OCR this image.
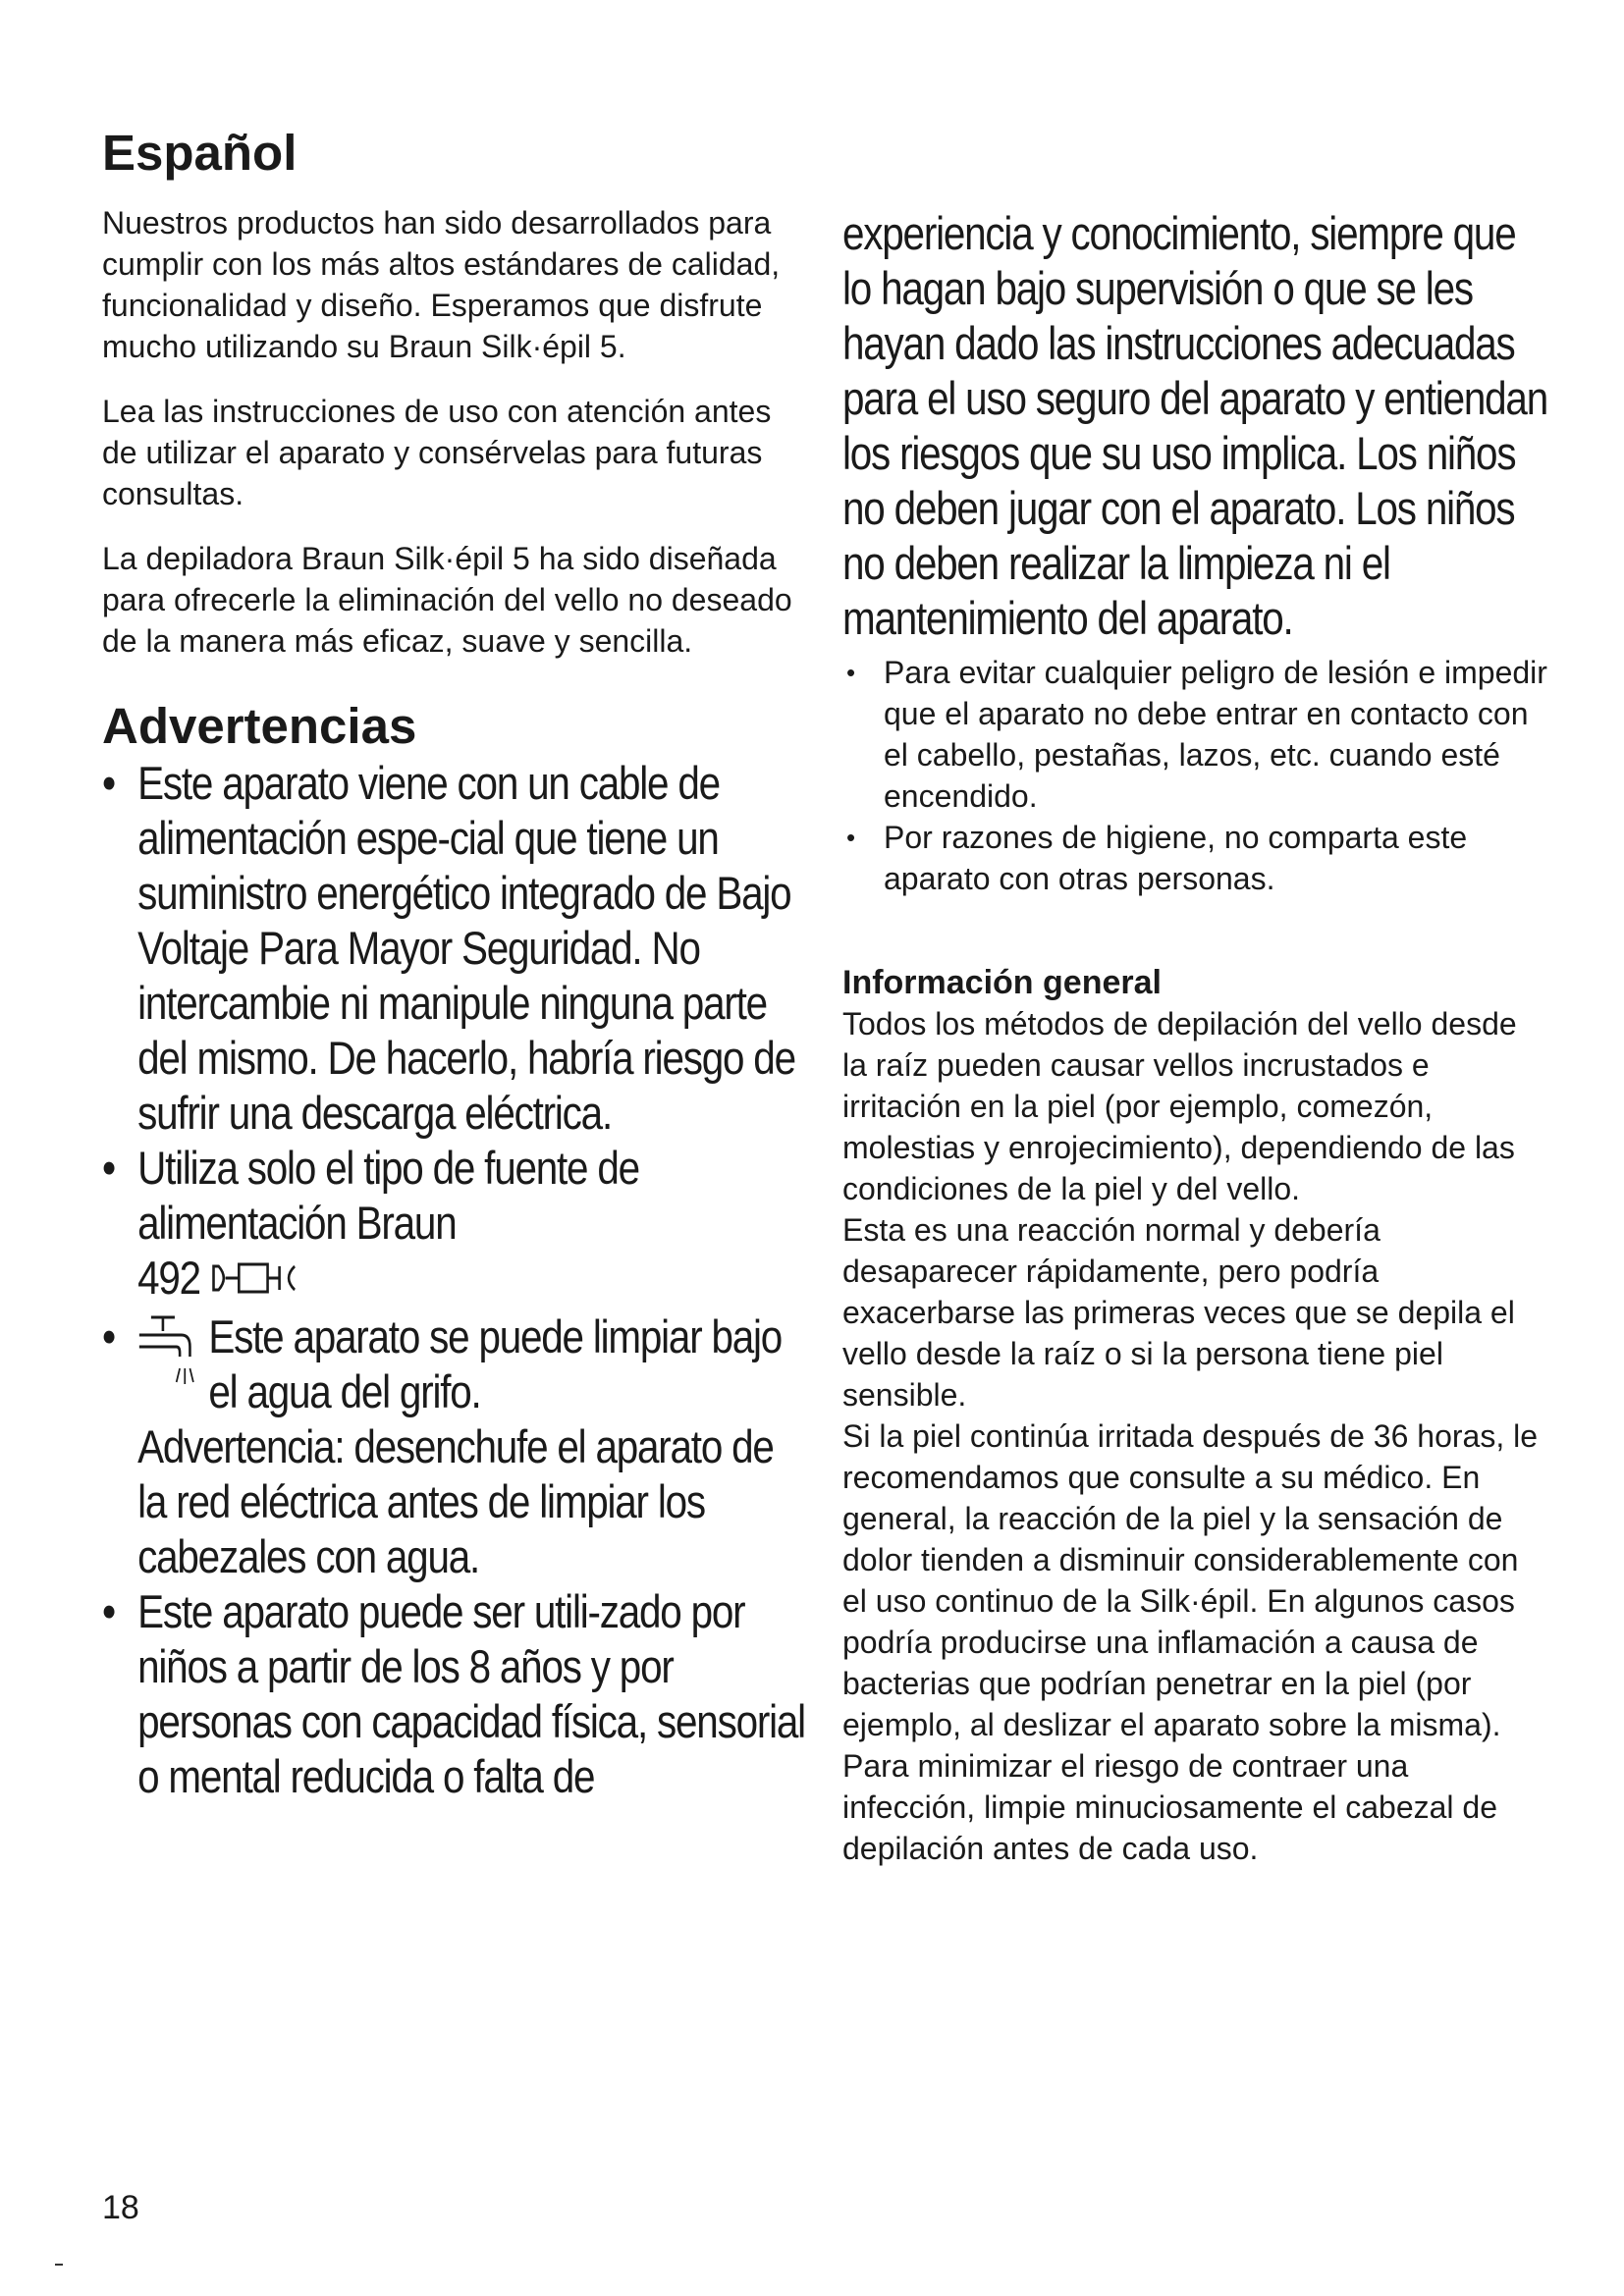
Español

Nuestros productos han sido desarrollados para cumplir con los más altos estándares de calidad, funcionalidad y diseño. Esperamos que disfrute mucho utilizando su Braun Silk·épil 5.

Lea las instrucciones de uso con atención antes de utilizar el aparato y consérvelas para futuras consultas.

La depiladora Braun Silk·épil 5 ha sido diseñada para ofrecerle la eliminación del vello no deseado de la manera más eficaz, suave y sencilla.

Advertencias
• Este aparato viene con un cable de alimentación espe-cial que tiene un suministro energético integrado de Bajo Voltaje Para Mayor Seguridad. No intercambie ni manipule ninguna parte del mismo. De hacerlo, habría riesgo de sufrir una descarga eléctrica.
• Utiliza solo el tipo de fuente de alimentación Braun
492
• Este aparato se puede limpiar bajo el agua del grifo.
Advertencia: desenchufe el aparato de la red eléctrica antes de limpiar los cabezales con agua.
• Este aparato puede ser utili-zado por niños a partir de los 8 años y por personas con capacidad física, sensorial o mental reducida o falta de
experiencia y conocimiento, siempre que lo hagan bajo supervisión o que se les hayan dado las instrucciones adecuadas para el uso seguro del aparato y entiendan los riesgos que su uso implica. Los niños no deben jugar con el aparato. Los niños no deben realizar la limpieza ni el mantenimiento del aparato.
• Para evitar cualquier peligro de lesión e impedir que el aparato no debe entrar en contacto con el cabello, pestañas, lazos, etc. cuando esté encendido.
• Por razones de higiene, no comparta este aparato con otras personas.
Información general
Todos los métodos de depilación del vello desde la raíz pueden causar vellos incrustados e irritación en la piel (por ejemplo, comezón, molestias y enrojecimiento), dependiendo de las condiciones de la piel y del vello.
Esta es una reacción normal y debería desaparecer rápidamente, pero podría exacerbarse las primeras veces que se depila el vello desde la raíz o si la persona tiene piel sensible.
Si la piel continúa irritada después de 36 horas, le recomendamos que consulte a su médico. En general, la reacción de la piel y la sensación de dolor tienden a disminuir considerablemente con el uso continuo de la Silk·épil. En algunos casos podría producirse una inflamación a causa de bacterias que podrían penetrar en la piel (por ejemplo, al deslizar el aparato sobre la misma). Para minimizar el riesgo de contraer una infección, limpie minuciosamente el cabezal de depilación antes de cada uso.
18
